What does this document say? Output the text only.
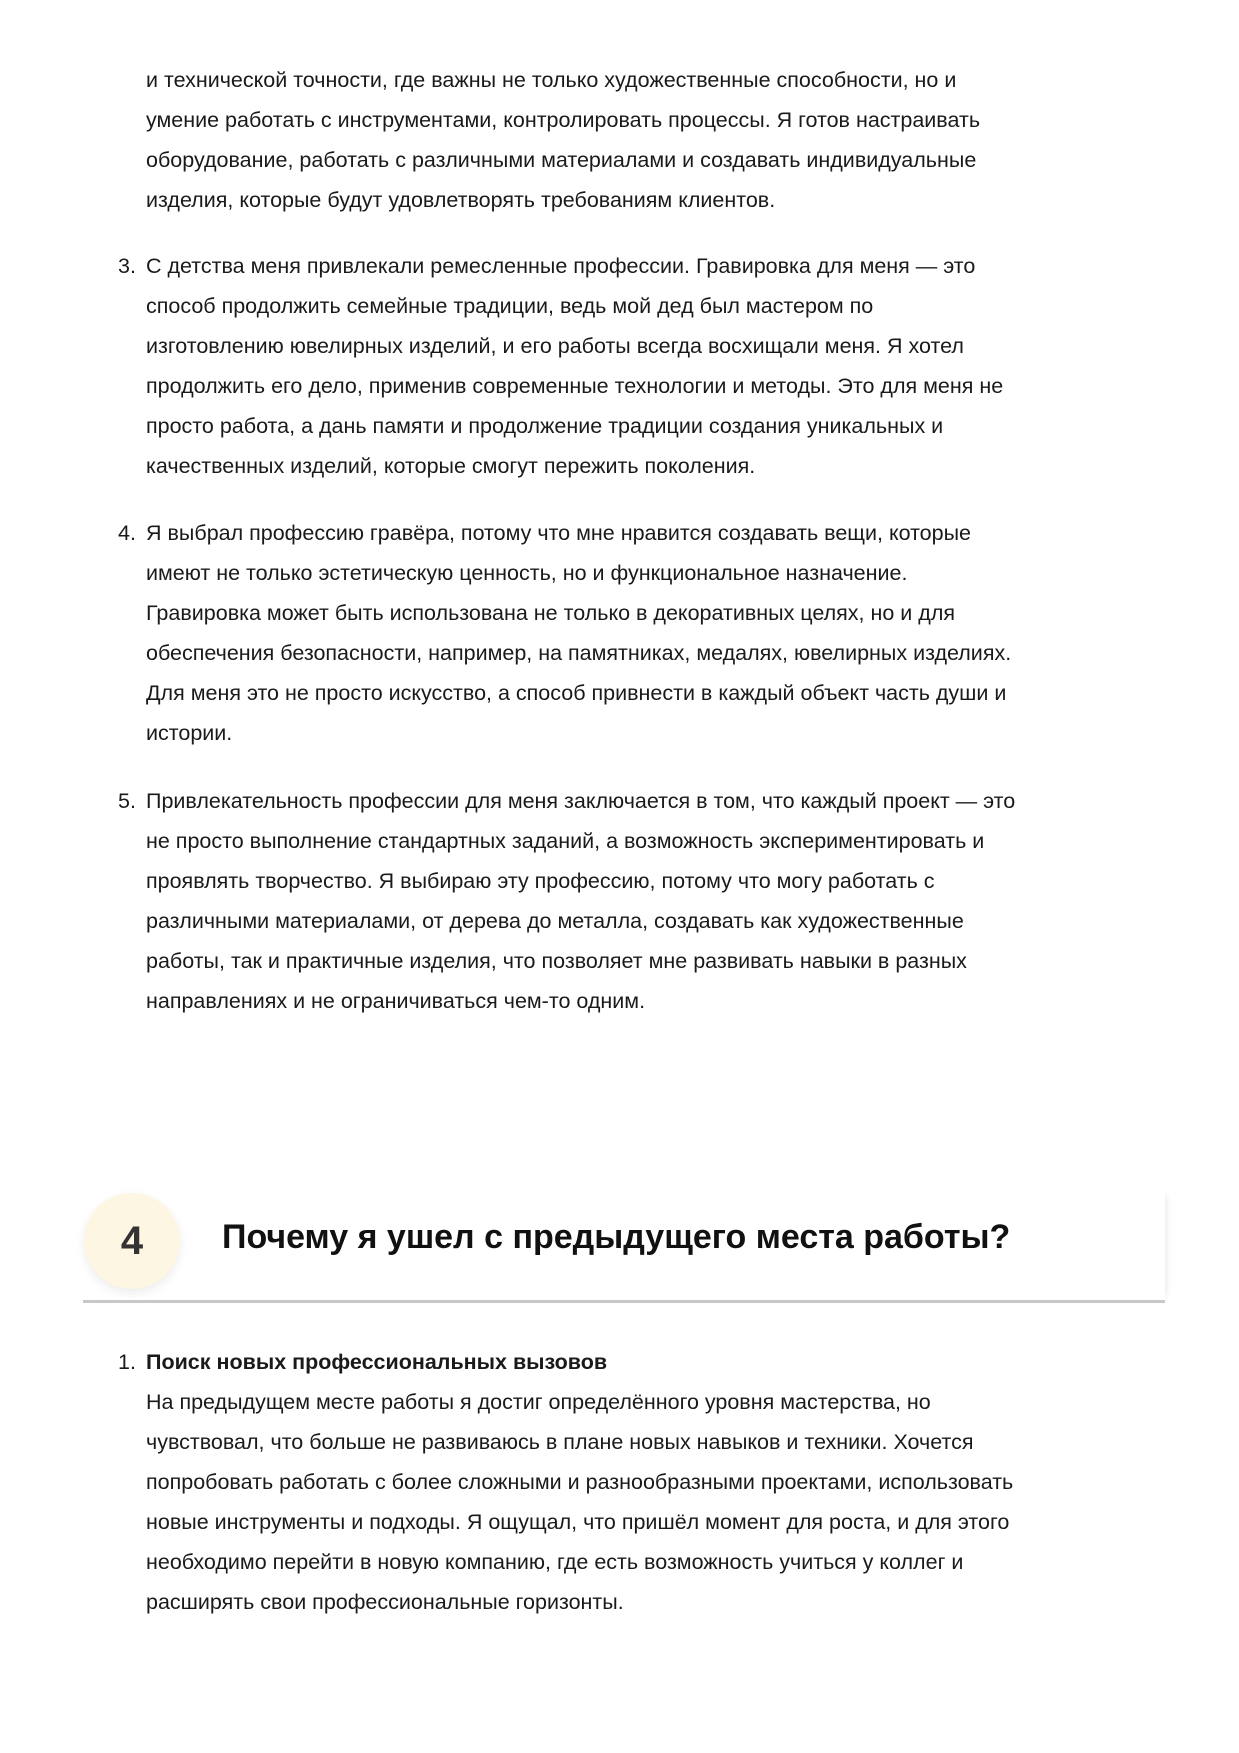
и технической точности, где важны не только художественные способности, но и
умение работать с инструментами, контролировать процессы. Я готов настраивать
оборудование, работать с различными материалами и создавать индивидуальные
изделия, которые будут удовлетворять требованиям клиентов.
3. С детства меня привлекали ремесленные профессии. Гравировка для меня — это
способ продолжить семейные традиции, ведь мой дед был мастером по
изготовлению ювелирных изделий, и его работы всегда восхищали меня. Я хотел
продолжить его дело, применив современные технологии и методы. Это для меня не
просто работа, а дань памяти и продолжение традиции создания уникальных и
качественных изделий, которые смогут пережить поколения.
4. Я выбрал профессию гравёра, потому что мне нравится создавать вещи, которые
имеют не только эстетическую ценность, но и функциональное назначение.
Гравировка может быть использована не только в декоративных целях, но и для
обеспечения безопасности, например, на памятниках, медалях, ювелирных изделиях.
Для меня это не просто искусство, а способ привнести в каждый объект часть души и
истории.
5. Привлекательность профессии для меня заключается в том, что каждый проект — это
не просто выполнение стандартных заданий, а возможность экспериментировать и
проявлять творчество. Я выбираю эту профессию, потому что могу работать с
различными материалами, от дерева до металла, создавать как художественные
работы, так и практичные изделия, что позволяет мне развивать навыки в разных
направлениях и не ограничиваться чем-то одним.
4	Почему я ушел с предыдущего места работы?
1. Поиск новых профессиональных вызовов
На предыдущем месте работы я достиг определённого уровня мастерства, но
чувствовал, что больше не развиваюсь в плане новых навыков и техники. Хочется
попробовать работать с более сложными и разнообразными проектами, использовать
новые инструменты и подходы. Я ощущал, что пришёл момент для роста, и для этого
необходимо перейти в новую компанию, где есть возможность учиться у коллег и
расширять свои профессиональные горизонты.
